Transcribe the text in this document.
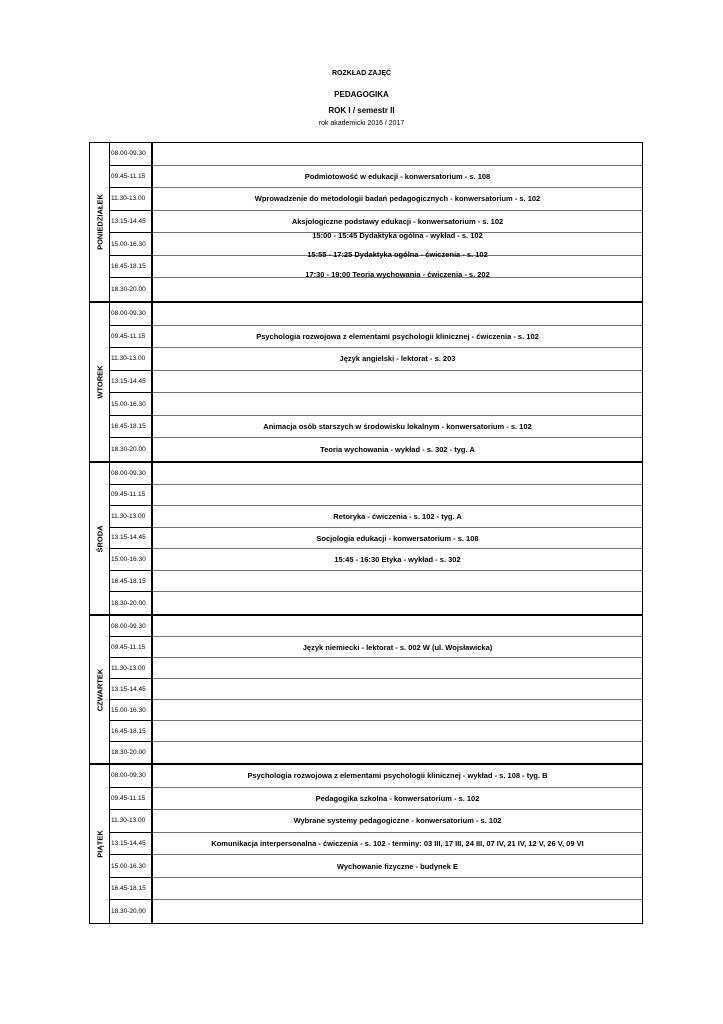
ROZKŁAD ZAJĘĆ
PEDAGOGIKA
ROK I / semestr II
rok akademicki 2016 / 2017
PONIEDZIAŁEK
08.00-09.30
09.45-11.15
11.30-13.00
13.15-14.45
15.00-16.30
16.45-18.15
18.30-20.00
Podmiotowość w edukacji - konwersatorium - s. 108
Wprowadzenie do metodologii badań pedagogicznych - konwersatorium - s. 102
Aksjologiczne podstawy edukacji - konwersatorium - s. 102
15:00 - 15:45 Dydaktyka ogólna - wykład - s. 102
15:55 - 17:25 Dydaktyka ogólna - ćwiczenia - s. 102
17:30 - 19:00 Teoria wychowania - ćwiczenia - s. 202
WTOREK
08.00-09.30
09.45-11.15
11.30-13.00
13.15-14.45
15.00-16.30
16.45-18.15
18.30-20.00
Psychologia rozwojowa z elementami psychologii klinicznej - ćwiczenia - s. 102
Język angielski - lektorat - s. 203
Animacja osób starszych w środowisku lokalnym - konwersatorium - s. 102
Teoria wychowania - wykład - s. 302 - tyg. A
ŚRODA
08.00-09.30
09.45-11.15
11.30-13.00
13.15-14.45
15.00-16.30
16.45-18.15
18.30-20.00
Retoryka - ćwiczenia - s. 102 - tyg. A
Socjologia edukacji - konwersatorium - s. 108
15:45 - 16:30 Etyka - wykład - s. 302
CZWARTEK
08.00-09.30
09.45-11.15
11.30-13.00
13.15-14.45
15.00-16.30
16.45-18.15
18.30-20.00
Język niemiecki - lektorat - s. 002 W (ul. Wojsławicka)
PIĄTEK
08.00-09.30
09.45-11.15
11.30-13.00
13.15-14.45
15.00-16.30
16.45-18.15
18.30-20.00
Psychologia rozwojowa z elementami psychologii klinicznej - wykład - s. 108 - tyg. B
Pedagogika szkolna - konwersatorium - s. 102
Wybrane systemy pedagogiczne - konwersatorium - s. 102
Komunikacja interpersonalna - ćwiczenia - s. 102 - terminy: 03 III, 17 III, 24 III, 07 IV, 21 IV, 12 V, 26 V, 09 VI
Wychowanie fizyczne - budynek E
